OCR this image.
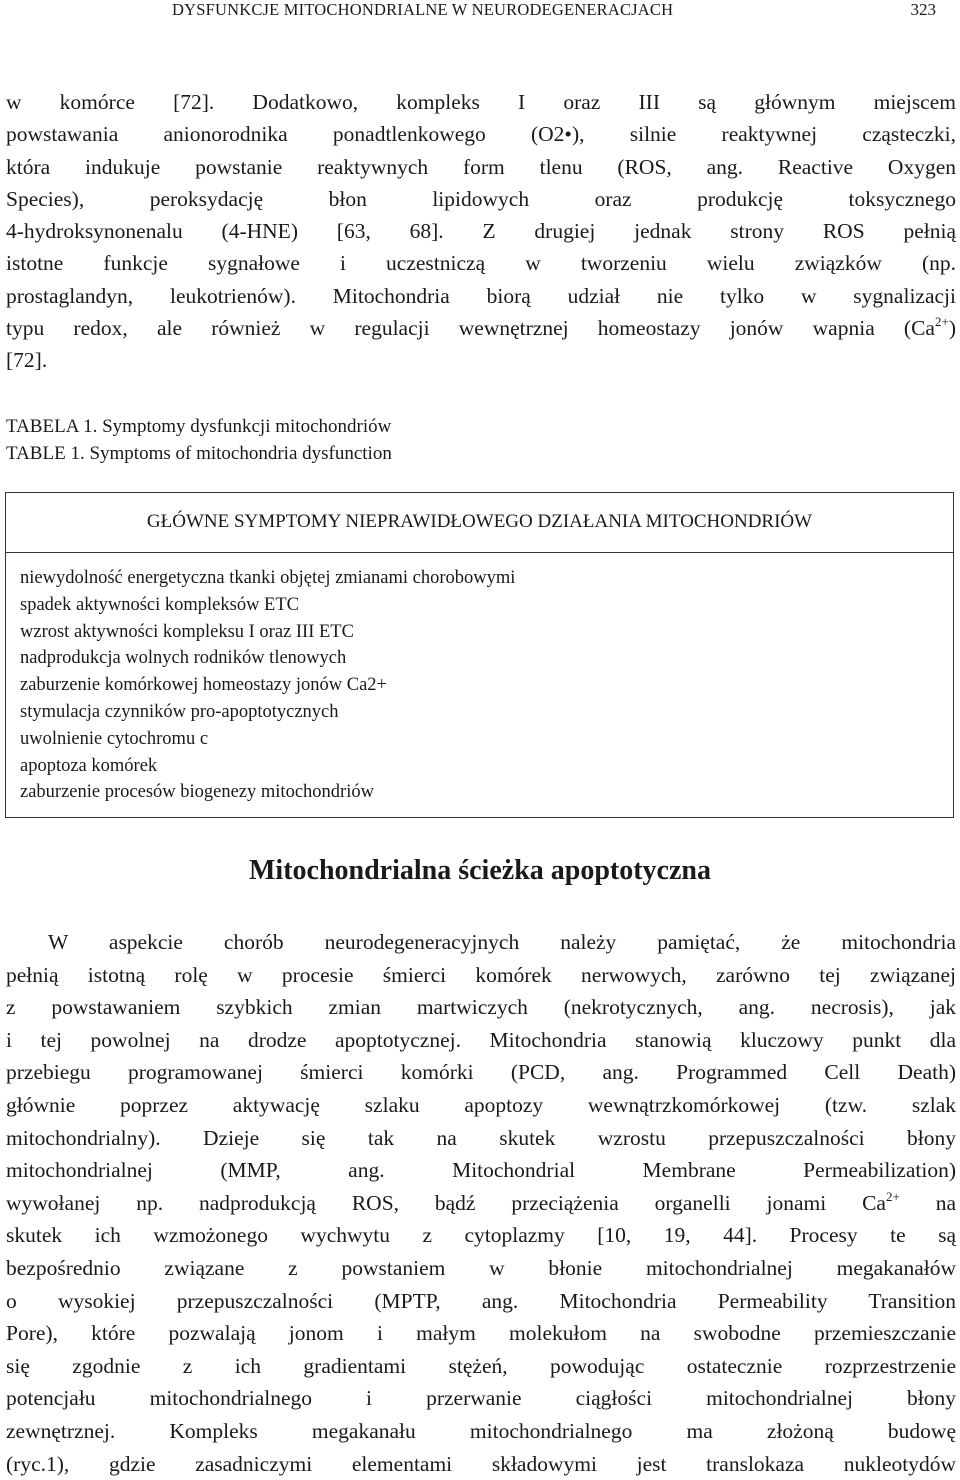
DYSFUNKCJE MITOCHONDRIALNE W NEURODEGENERACJACH	323
w komórce [72]. Dodatkowo, kompleks I oraz III są głównym miejscem
powstawania anionorodnika ponadtlenkowego (O2•), silnie reaktywnej cząsteczki,
która indukuje powstanie reaktywnych form tlenu (ROS, ang. Reactive Oxygen
Species), peroksydację błon lipidowych oraz produkcję toksycznego
4-hydroksynonenalu (4-HNE) [63, 68]. Z drugiej jednak strony ROS pełnią
istotne funkcje sygnałowe i uczestniczą w tworzeniu wielu związków (np.
prostaglandyn, leukotrienów). Mitochondria biorą udział nie tylko w sygnalizacji
typu redox, ale również w regulacji wewnętrznej homeostazy jonów wapnia $(Ca^{2+})$
[72].
TABELA 1. Symptomy dysfunkcji mitochondriów
TABLE 1. Symptoms of mitochondria dysfunction
GŁÓWNE SYMPTOMY NIEPRAWIDŁOWEGO DZIAŁANIA MITOCHONDRIÓW
niewydolność energetyczna tkanki objętej zmianami chorobowymi
spadek aktywności kompleksów ETC
wzrost aktywności kompleksu I oraz III ETC
nadprodukcja wolnych rodników tlenowych
zaburzenie komórkowej homeostazy jonów Ca2+
stymulacja czynników pro-apoptotycznych
uwolnienie cytochromu c
apoptoza komórek
zaburzenie procesów biogenezy mitochondriów
Mitochondrialna ścieżka apoptotyczna
W aspekcie chorób neurodegeneracyjnych należy pamiętać, że mitochondria
pełnią istotną rolę w procesie śmierci komórek nerwowych, zarówno tej związanej
z powstawaniem szybkich zmian martwiczych (nekrotycznych, ang. necrosis), jak
i tej powolnej na drodze apoptotycznej. Mitochondria stanowią kluczowy punkt dla
przebiegu programowanej śmierci komórki (PCD, ang. Programmed Cell Death)
głównie poprzez aktywację szlaku apoptozy wewnątrzkomórkowej (tzw. szlak
mitochondrialny). Dzieje się tak na skutek wzrostu przepuszczalności błony
mitochondrialnej (MMP, ang. Mitochondrial Membrane Permeabilization)
wywołanej np. nadprodukcją ROS, bądź przeciążenia organelli jonami $Ca^{2+}$ na
skutek ich wzmożonego wychwytu z cytoplazmy [10, 19, 44]. Procesy te są
bezpośrednio związane z powstaniem w błonie mitochondrialnej megakanałów
o wysokiej przepuszczalności (MPTP, ang. Mitochondria Permeability Transition
Pore), które pozwalają jonom i małym molekułom na swobodne przemieszczanie
się zgodnie z ich gradientami stężeń, powodując ostatecznie rozprzestrzenie
potencjału mitochondrialnego i przerwanie ciągłości mitochondrialnej błony
zewnętrznej. Kompleks megakanału mitochondrialnego ma złożoną budowę
(ryc.1), gdzie zasadniczymi elementami składowymi jest translokaza nukleotydów
